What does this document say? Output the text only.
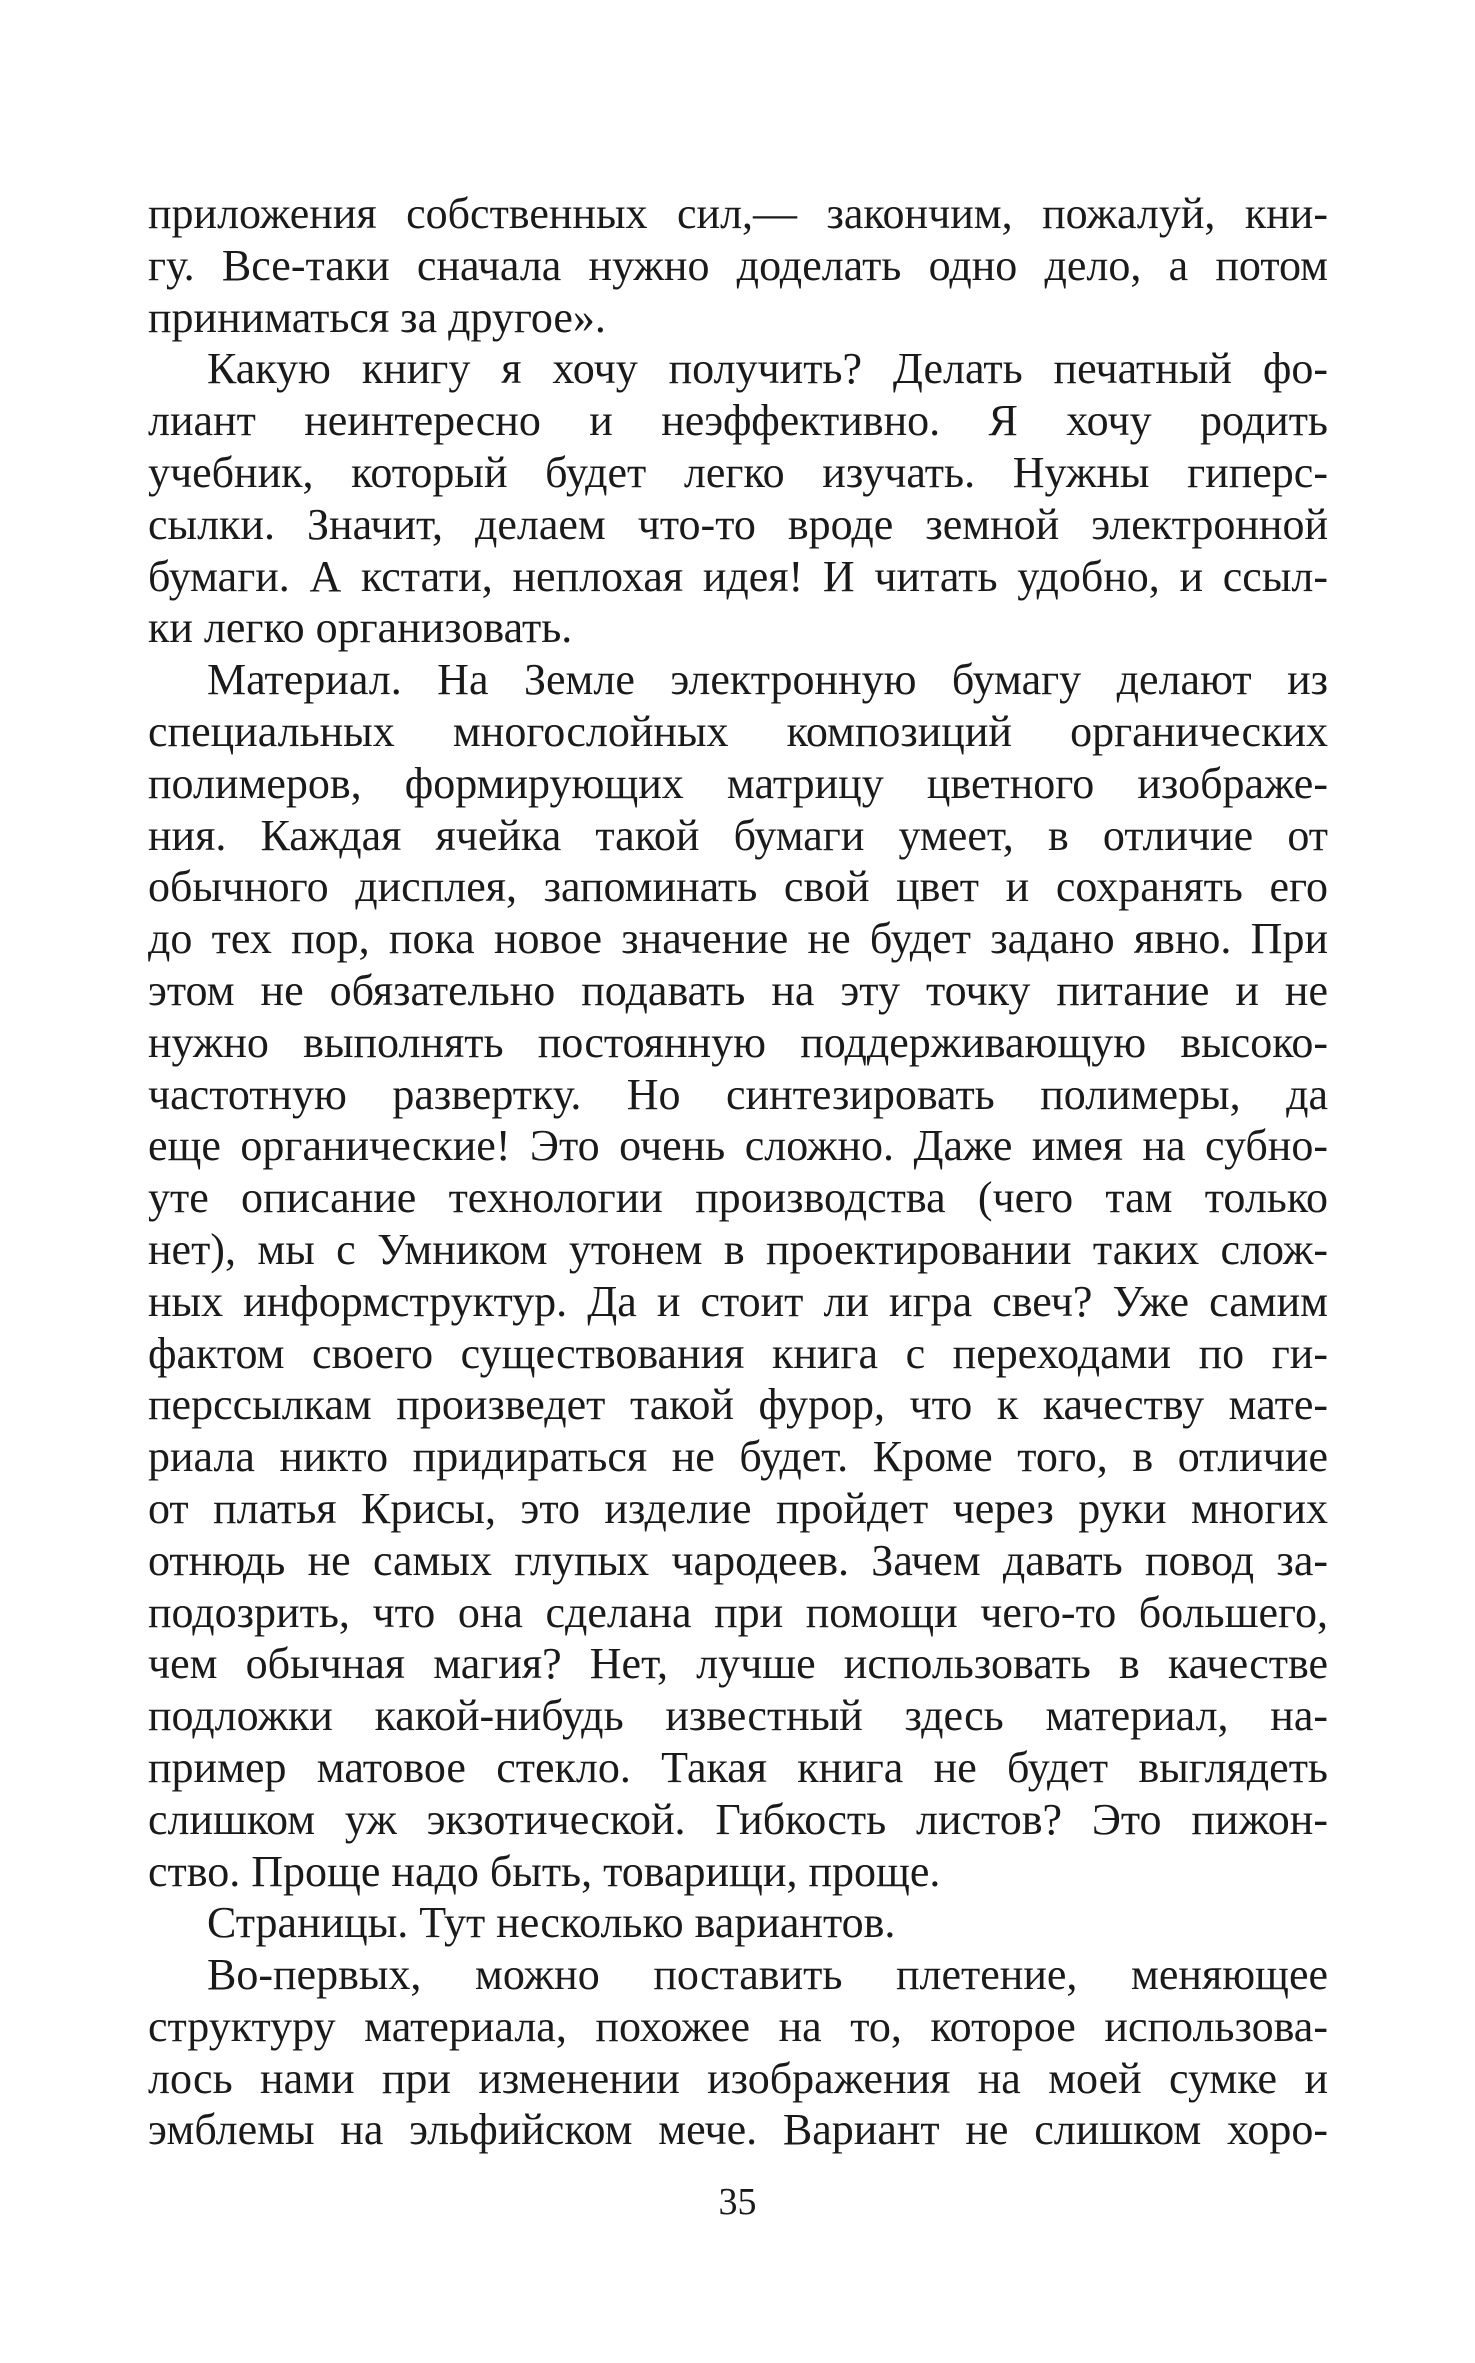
приложения собственных сил,— закончим, пожалуй, кни-
гу. Все-таки сначала нужно доделать одно дело, а потом
приниматься за другое».
Какую книгу я хочу получить? Делать печатный фо-
лиант неинтересно и неэффективно. Я хочу родить
учебник, который будет легко изучать. Нужны гиперс-
сылки. Значит, делаем что-то вроде земной электронной
бумаги. А кстати, неплохая идея! И читать удобно, и ссыл-
ки легко организовать.
Материал. На Земле электронную бумагу делают из
специальных многослойных композиций органических
полимеров, формирующих матрицу цветного изображе-
ния. Каждая ячейка такой бумаги умеет, в отличие от
обычного дисплея, запоминать свой цвет и сохранять его
до тех пор, пока новое значение не будет задано явно. При
этом не обязательно подавать на эту точку питание и не
нужно выполнять постоянную поддерживающую высоко-
частотную развертку. Но синтезировать полимеры, да
еще органические! Это очень сложно. Даже имея на субно-
уте описание технологии производства (чего там только
нет), мы с Умником утонем в проектировании таких слож-
ных информструктур. Да и стоит ли игра свеч? Уже самим
фактом своего существования книга с переходами по ги-
перссылкам произведет такой фурор, что к качеству мате-
риала никто придираться не будет. Кроме того, в отличие
от платья Крисы, это изделие пройдет через руки многих
отнюдь не самых глупых чародеев. Зачем давать повод за-
подозрить, что она сделана при помощи чего-то большего,
чем обычная магия? Нет, лучше использовать в качестве
подложки какой-нибудь известный здесь материал, на-
пример матовое стекло. Такая книга не будет выглядеть
слишком уж экзотической. Гибкость листов? Это пижон-
ство. Проще надо быть, товарищи, проще.
Страницы. Тут несколько вариантов.
Во-первых, можно поставить плетение, меняющее
структуру материала, похожее на то, которое использова-
лось нами при изменении изображения на моей сумке и
эмблемы на эльфийском мече. Вариант не слишком хоро-
35
